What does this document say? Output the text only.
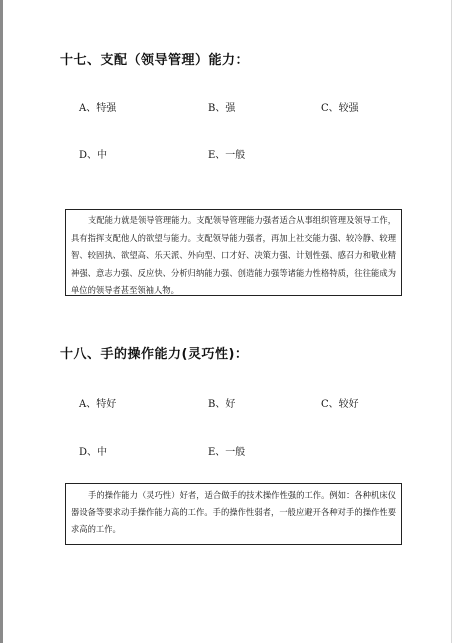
十七、支配（领导管理）能力：
A、特强	B、强	C、较强
D、中	E、一般
支配能力就是领导管理能力。支配领导管理能力强者适合从事组织管理及领导工作，具有指挥支配他人的欲望与能力。支配领导能力强者，再加上社交能力强、较冷静、较理智、较固执、欲望高、乐天派、外向型、口才好、决策力强、计划性强、感召力和敬业精神强、意志力强、反应快、分析归纳能力强、创造能力强等诸能力性格特质，往往能成为单位的领导者甚至领袖人物。
十八、手的操作能力(灵巧性)：
A、特好	B、好	C、较好
D、中	E、一般
手的操作能力（灵巧性）好者，适合做手的技术操作性强的工作。例如：各种机床仪器设备等要求动手操作能力高的工作。手的操作性弱者，一般应避开各种对手的操作性要求高的工作。
